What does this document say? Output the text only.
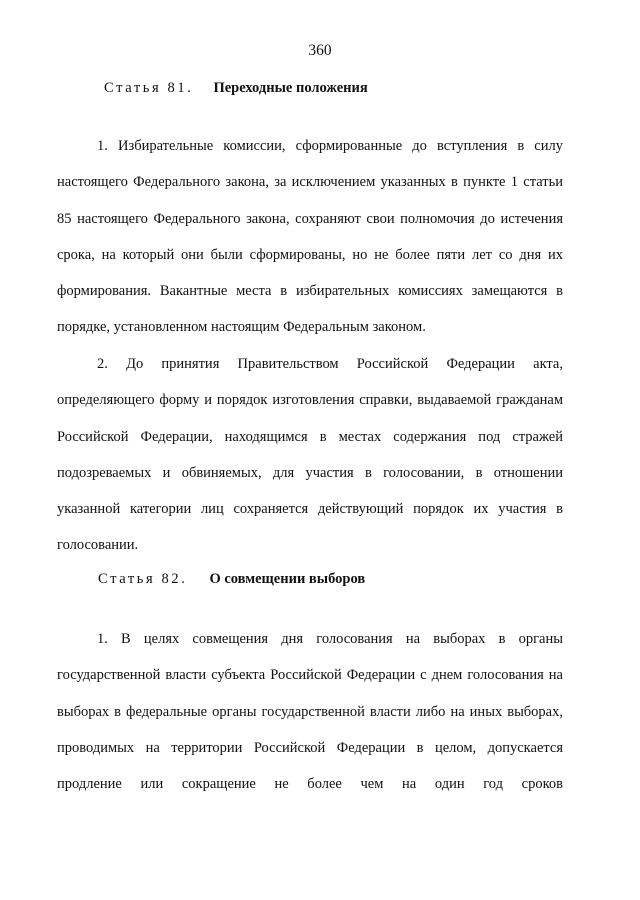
360
Статья 81. Переходные положения

1. Избирательные комиссии, сформированные до вступления в силу настоящего Федерального закона, за исключением указанных в пункте 1 статьи 85 настоящего Федерального закона, сохраняют свои полномочия до истечения срока, на который они были сформированы, но не более пяти лет со дня их формирования. Вакантные места в избирательных комиссиях замещаются в порядке, установленном настоящим Федеральным законом.

2. До принятия Правительством Российской Федерации акта, определяющего форму и порядок изготовления справки, выдаваемой гражданам Российской Федерации, находящимся в местах содержания под стражей подозреваемых и обвиняемых, для участия в голосовании, в отношении указанной категории лиц сохраняется действующий порядок их участия в голосовании.

Статья 82. О совмещении выборов

1. В целях совмещения дня голосования на выборах в органы государственной власти субъекта Российской Федерации с днем голосования на выборах в федеральные органы государственной власти либо на иных выборах, проводимых на территории Российской Федерации в целом, допускается продление или сокращение не более чем на один год сроков
